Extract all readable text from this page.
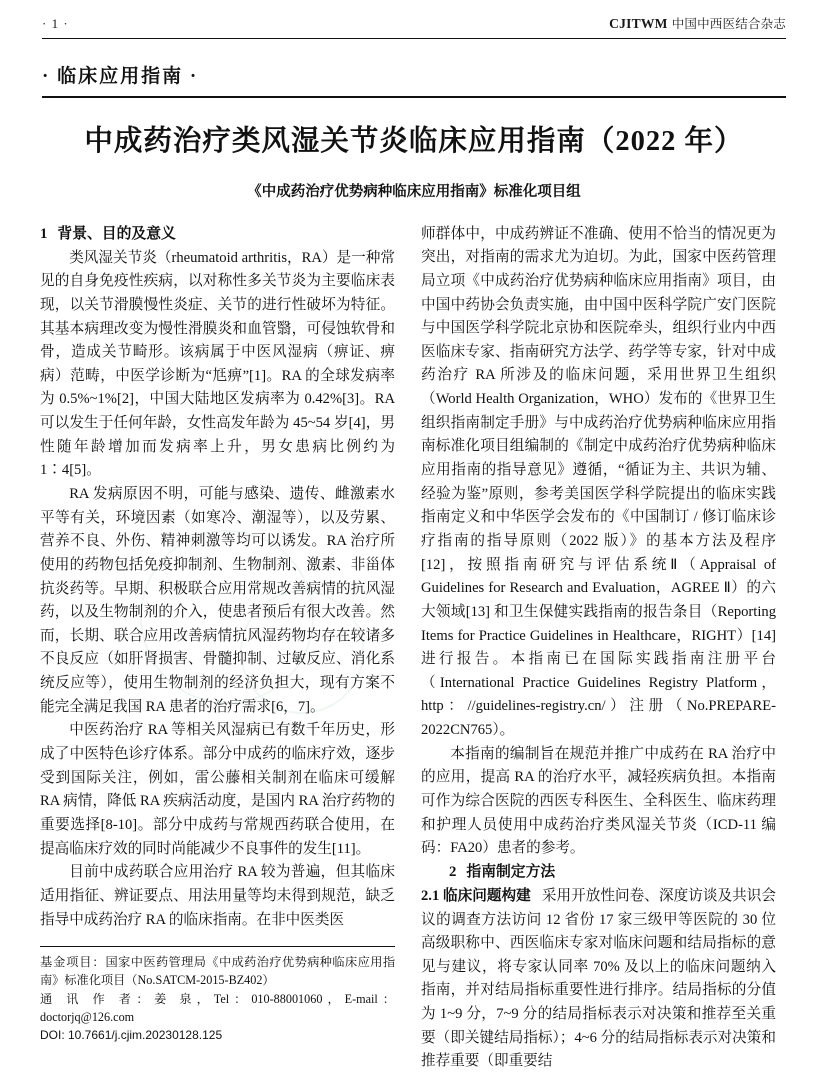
· 1 ·	CJITWM 中国中西医结合杂志
· 临床应用指南 ·
中成药治疗类风湿关节炎临床应用指南（2022 年）
《中成药治疗优势病种临床应用指南》标准化项目组
1 背景、目的及意义

类风湿关节炎（rheumatoid arthritis，RA）是一种常见的自身免疫性疾病，以对称性多关节炎为主要临床表现，以关节滑膜慢性炎症、关节的进行性破坏为特征。其基本病理改变为慢性滑膜炎和血管翳，可侵蚀软骨和骨，造成关节畸形。该病属于中医风湿病（痹证、痹病）范畴，中医学诊断为“尪痹”[1]。RA 的全球发病率为 0.5%~1%[2]，中国大陆地区发病率为 0.42%[3]。RA 可以发生于任何年龄，女性高发年龄为 45~54 岁[4]，男性随年龄增加而发病率上升，男女患病比例约为 1∶4[5]。

RA 发病原因不明，可能与感染、遗传、雌激素水平等有关，环境因素（如寒冷、潮湿等），以及劳累、营养不良、外伤、精神刺激等均可以诱发。RA 治疗所使用的药物包括免疫抑制剂、生物制剂、激素、非甾体抗炎药等。早期、积极联合应用常规改善病情的抗风湿药，以及生物制剂的介入，使患者预后有很大改善。然而，长期、联合应用改善病情抗风湿药物均存在较诸多不良反应（如肝肾损害、骨髓抑制、过敏反应、消化系统反应等），使用生物制剂的经济负担大，现有方案不能完全满足我国 RA 患者的治疗需求[6，7]。

中医药治疗 RA 等相关风湿病已有数千年历史，形成了中医特色诊疗体系。部分中成药的临床疗效，逐步受到国际关注，例如，雷公藤相关制剂在临床可缓解 RA 病情，降低 RA 疾病活动度，是国内 RA 治疗药物的重要选择[8-10]。部分中成药与常规西药联合使用，在提高临床疗效的同时尚能减少不良事件的发生[11]。

目前中成药联合应用治疗 RA 较为普遍，但其临床适用指征、辨证要点、用法用量等均未得到规范，缺乏指导中成药治疗 RA 的临床指南。在非中医类医

基金项目：国家中医药管理局《中成药治疗优势病种临床应用指南》标准化项目（No.SATCM-2015-BZ402）

通 讯 作 者：姜 泉，Tel：010-88001060，E-mail：doctorjq@126.com

DOI: 10.7661/j.cjim.20230128.125

师群体中，中成药辨证不准确、使用不恰当的情况更为突出，对指南的需求尤为迫切。为此，国家中医药管理局立项《中成药治疗优势病种临床应用指南》项目，由中国中药协会负责实施，由中国中医科学院广安门医院与中国医学科学院北京协和医院牵头，组织行业内中西医临床专家、指南研究方法学、药学等专家，针对中成药治疗 RA 所涉及的临床问题，采用世界卫生组织（World Health Organization，WHO）发布的《世界卫生组织指南制定手册》与中成药治疗优势病种临床应用指南标准化项目组编制的《制定中成药治疗优势病种临床应用指南的指导意见》遵循，“循证为主、共识为辅、经验为鉴”原则，参考美国医学科学院提出的临床实践指南定义和中华医学会发布的《中国制订 / 修订临床诊疗指南的指导原则（2022 版）》的基本方法及程序[12]，按照指南研究与评估系统Ⅱ（Appraisal of Guidelines for Research and Evaluation，AGREE Ⅱ）的六大领域[13] 和卫生保健实践指南的报告条目（Reporting Items for Practice Guidelines in Healthcare，RIGHT）[14] 进行报告。本指南已在国际实践指南注册平台（International Practice Guidelines Registry Platform，http：//guidelines-registry.cn/）注册（No.PREPARE-2022CN765）。

本指南的编制旨在规范并推广中成药在 RA 治疗中的应用，提高 RA 的治疗水平，减轻疾病负担。本指南可作为综合医院的西医专科医生、全科医生、临床药理和护理人员使用中成药治疗类风湿关节炎（ICD-11 编码：FA20）患者的参考。

2 指南制定方法

2.1 临床问题构建 采用开放性问卷、深度访谈及共识会议的调查方法访问 12 省份 17 家三级甲等医院的 30 位高级职称中、西医临床专家对临床问题和结局指标的意见与建议，将专家认同率 70% 及以上的临床问题纳入指南，并对结局指标重要性进行排序。结局指标的分值为 1~9 分，7~9 分的结局指标表示对决策和推荐至关重要（即关键结局指标）；4~6 分的结局指标表示对决策和推荐重要（即重要结
